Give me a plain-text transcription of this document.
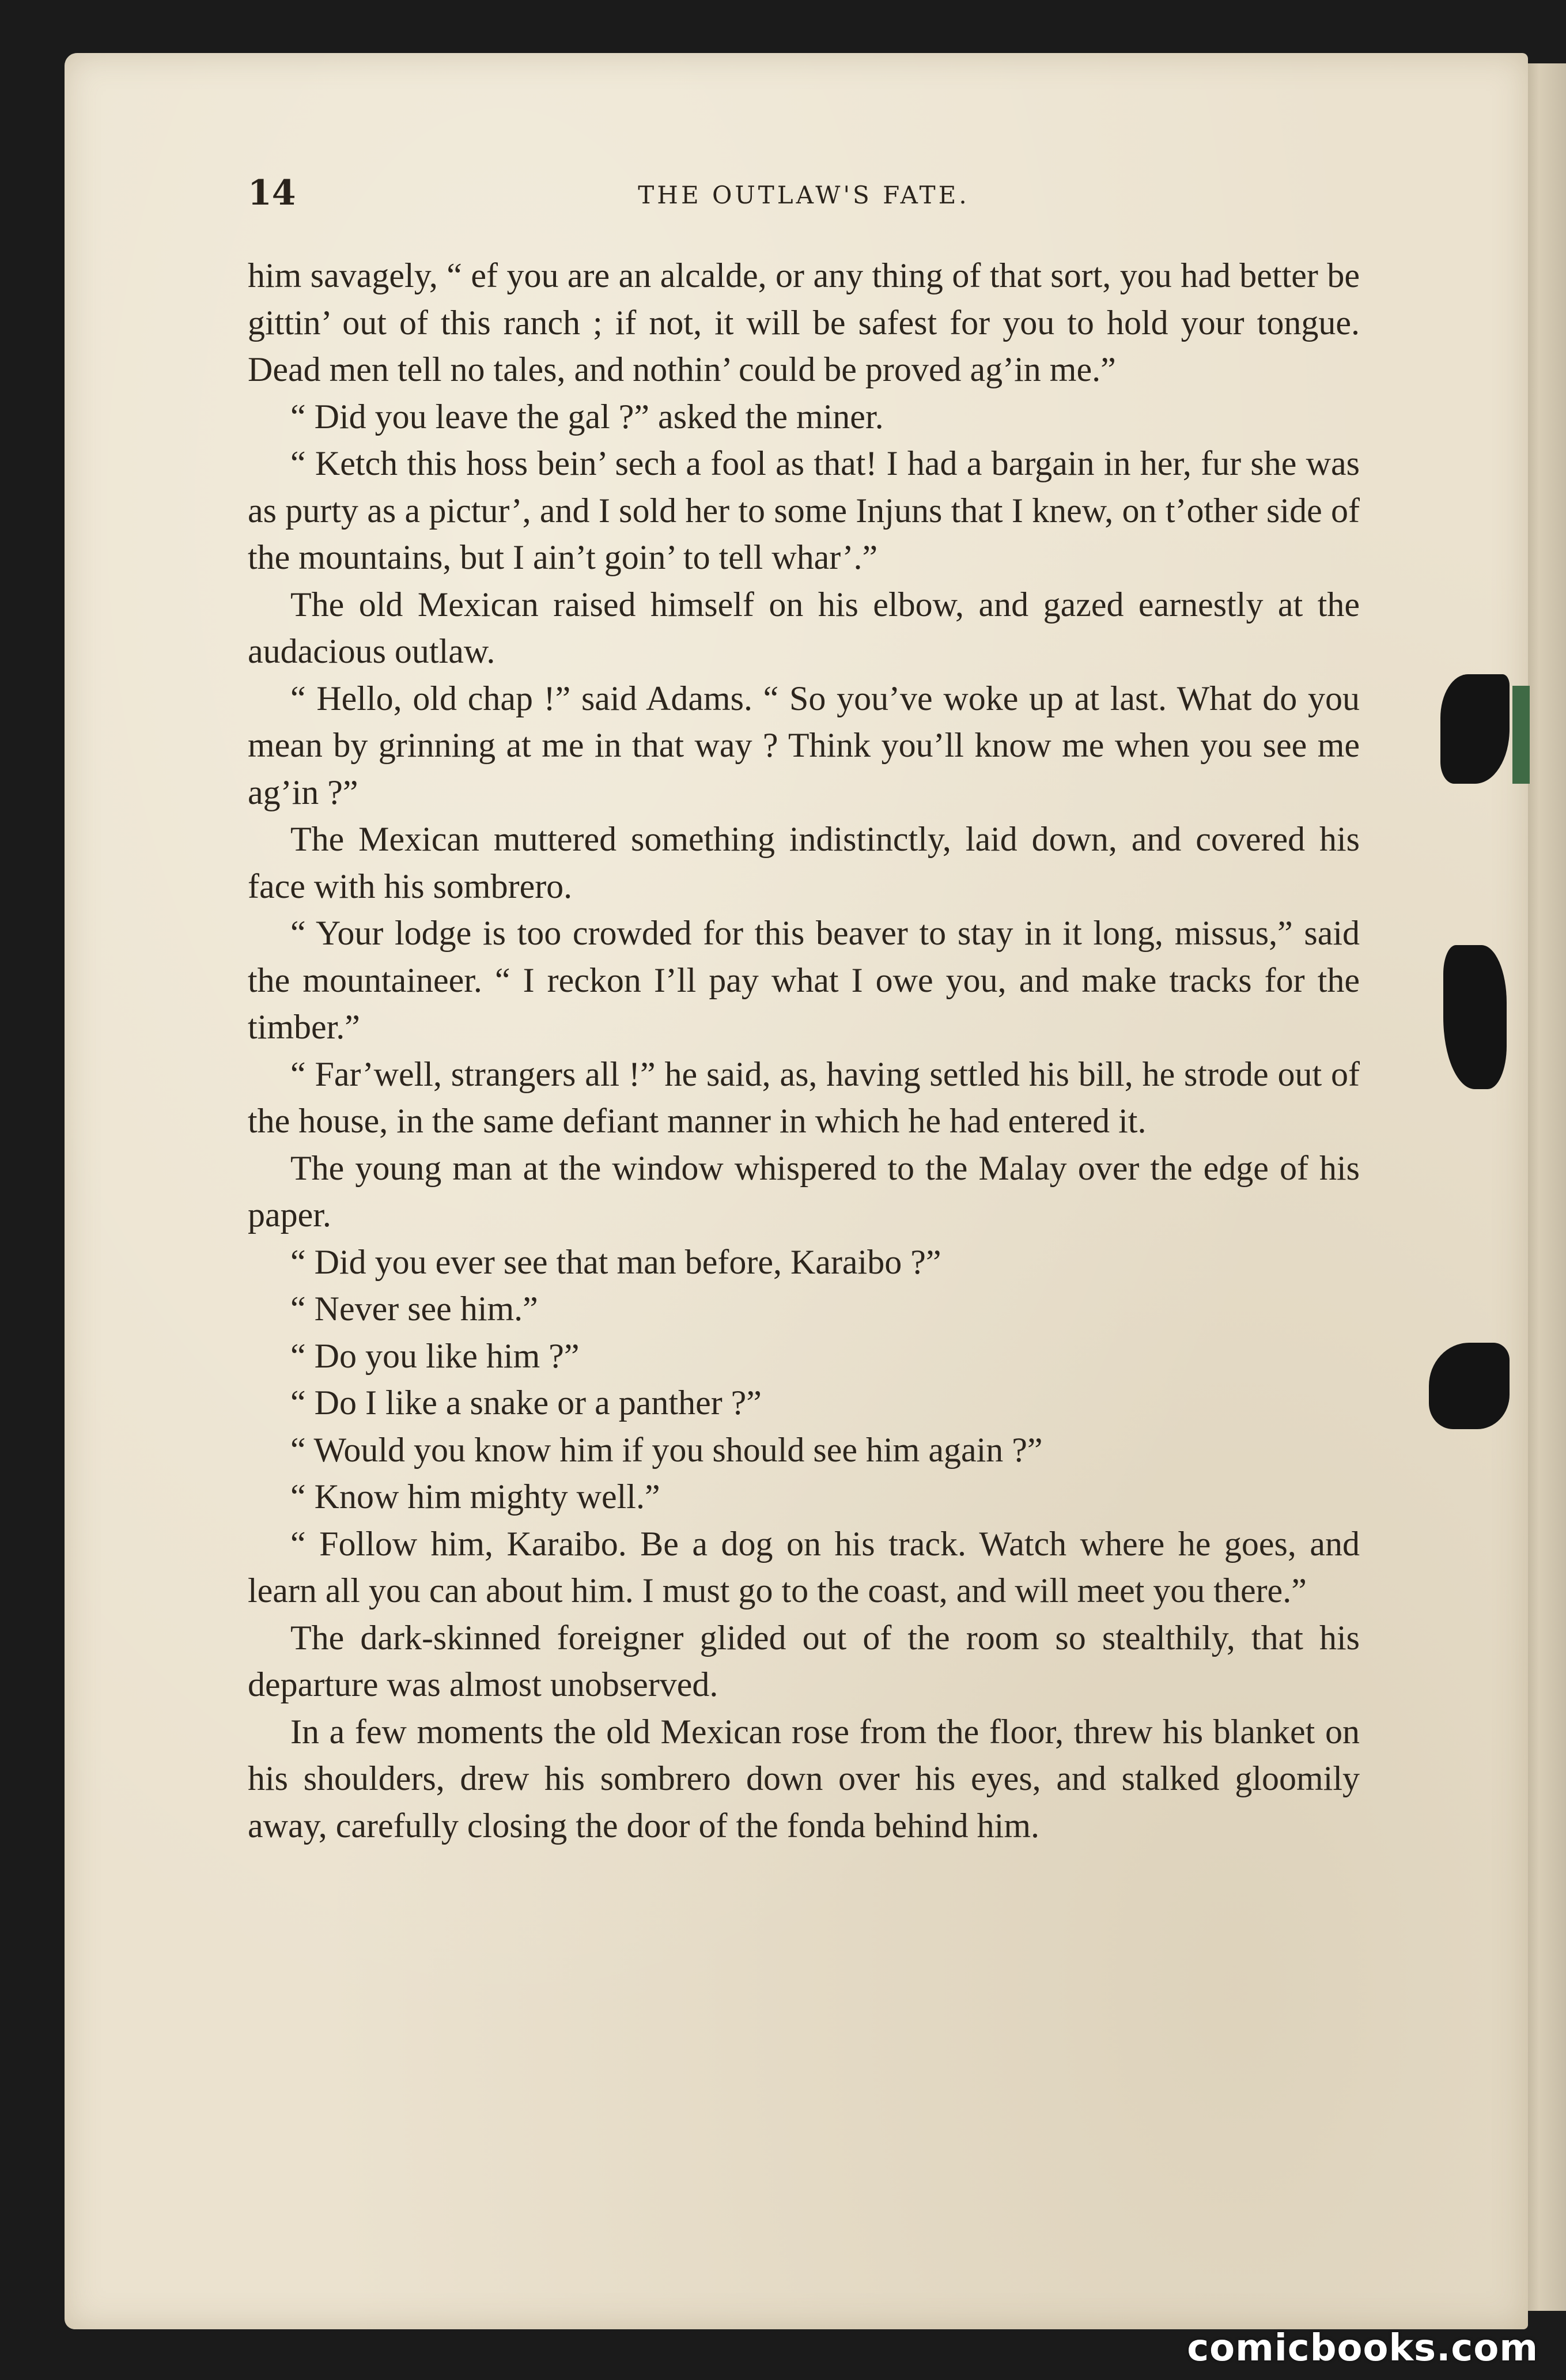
14	THE OUTLAW'S FATE.

him savagely, “ ef you are an alcalde, or any thing of that sort, you had better be gittin’ out of this ranch ; if not, it will be safest for you to hold your tongue. Dead men tell no tales, and nothin’ could be proved ag’in me.”

“ Did you leave the gal ?” asked the miner.

“ Ketch this hoss bein’ sech a fool as that! I had a bargain in her, fur she was as purty as a pictur’, and I sold her to some Injuns that I knew, on t’other side of the mountains, but I ain’t goin’ to tell whar’.”

The old Mexican raised himself on his elbow, and gazed earnestly at the audacious outlaw.

“ Hello, old chap !” said Adams. “ So you’ve woke up at last. What do you mean by grinning at me in that way ? Think you’ll know me when you see me ag’in ?”

The Mexican muttered something indistinctly, laid down, and covered his face with his sombrero.

“ Your lodge is too crowded for this beaver to stay in it long, missus,” said the mountaineer. “ I reckon I’ll pay what I owe you, and make tracks for the timber.”

“ Far’well, strangers all !” he said, as, having settled his bill, he strode out of the house, in the same defiant manner in which he had entered it.

The young man at the window whispered to the Malay over the edge of his paper.

“ Did you ever see that man before, Karaibo ?”

“ Never see him.”

“ Do you like him ?”

“ Do I like a snake or a panther ?”

“ Would you know him if you should see him again ?”

“ Know him mighty well.”

“ Follow him, Karaibo. Be a dog on his track. Watch where he goes, and learn all you can about him. I must go to the coast, and will meet you there.”

The dark-skinned foreigner glided out of the room so stealthily, that his departure was almost unobserved.

In a few moments the old Mexican rose from the floor, threw his blanket on his shoulders, drew his sombrero down over his eyes, and stalked gloomily away, carefully closing the door of the fonda behind him.

comicbooks.com
